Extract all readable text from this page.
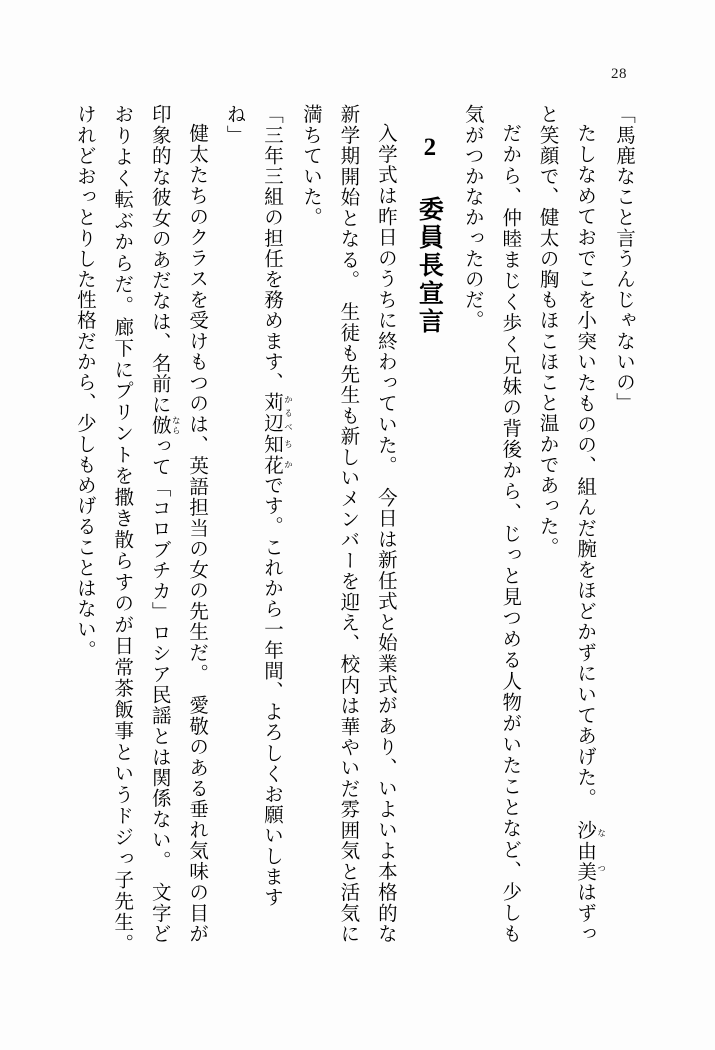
28

「馬鹿なこと言うんじゃないの」

たしなめておでこを小突いたものの、組んだ腕をほどかずにいてあげた。　沙由美なつはずっと笑顔で、健太の胸もほこほこと温かであった。

だから、仲睦まじく歩く兄妹の背後から、じっと見つめる人物がいたことなど、少しも気がつかなかったのだ。

2 委員長宣言

入学式は昨日のうちに終わっていた。　今日は新任式と始業式があり、いよいよ本格的な新学期開始となる。　生徒も先生も新しいメンバーを迎え、校内は華やいだ雰囲気と活気に満ちていた。

「三年三組の担任を務めます、苅辺かるべ知花ちかです。これから一年間、よろしくお願いします
ね」

健太たちのクラスを受けもつのは、英語担当の女の先生だ。　愛敬のある垂れ気味の目が印象的な彼女のあだなは、名前に倣ならって「コロブチカ」ロシア民謡とは関係ない。　文字どおりよく転ぶからだ。廊下にプリントを撒き散らすのが日常茶飯事というドジっ子先生。　けれどおっとりした性格だから、少しもめげることはない。
